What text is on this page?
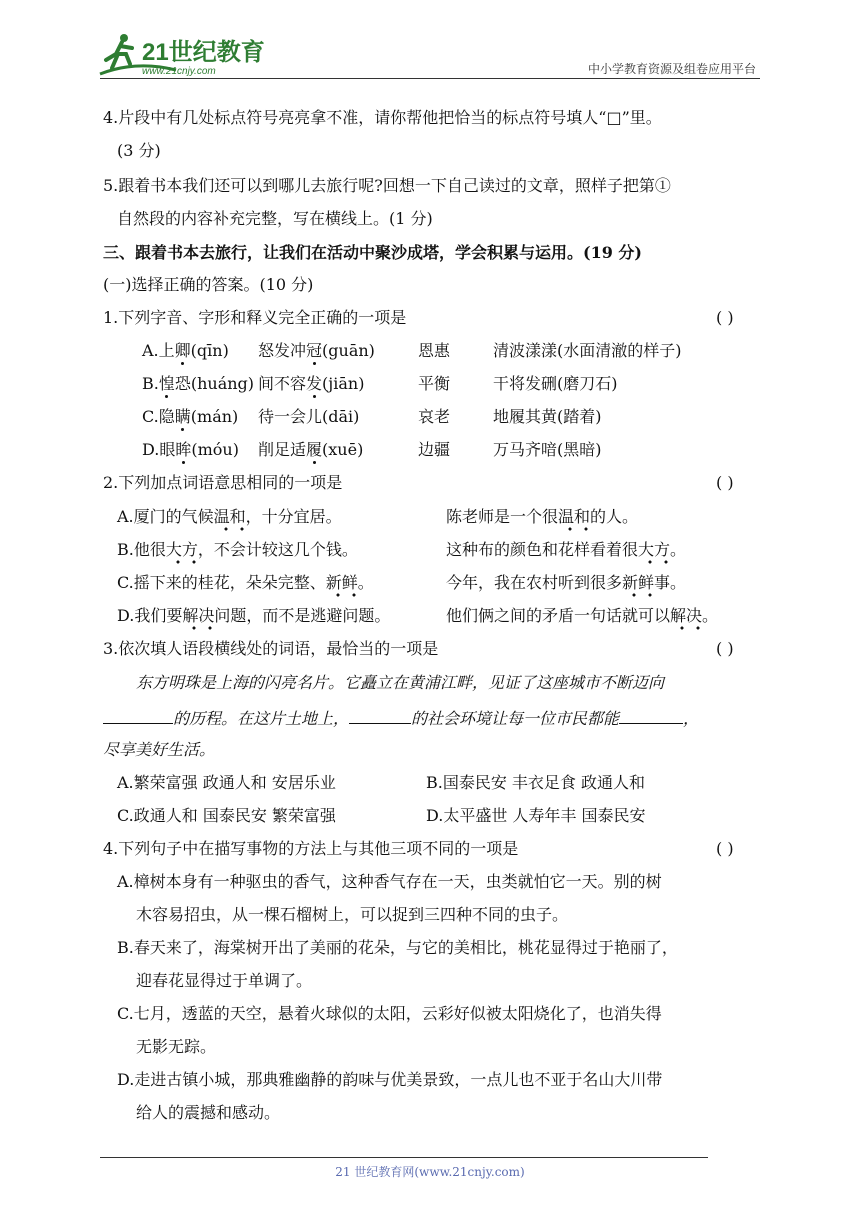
21世纪教育
www.21cnjy.com	中小学教育资源及组卷应用平台
4.片段中有几处标点符号亮亮拿不准，请你帮他把恰当的标点符号填人“□”里。
(3 分)
5.跟着书本我们还可以到哪儿去旅行呢?回想一下自己读过的文章，照样子把第①
自然段的内容补充完整，写在横线上。(1 分)
三、跟着书本去旅行，让我们在活动中聚沙成塔，学会积累与运用。(19 分)
(一)选择正确的答案。(10 分)
1.下列字音、字形和释义完全正确的一项是	( )
A.上卿(qīn) 怒发冲冠(guān)	恩惠	清波漾漾(水面清澈的样子)
B.惶恐(huáng) 间不容发(jiān)	平衡	干将发硎(磨刀石)
C.隐瞒(mán) 待一会儿(dāi)	哀老	地履其黄(踏着)
D.眼眸(móu) 削足适履(xuē)	边疆	万马齐喑(黑暗)
2.下列加点词语意思相同的一项是	( )
A.厦门的气候温和，十分宜居。	陈老师是一个很温和的人。
B.他很大方，不会计较这几个钱。	这种布的颜色和花样看着很大方。
C.摇下来的桂花，朵朵完整、新鲜。	今年，我在农村听到很多新鲜事。
D.我们要解决问题，而不是逃避问题。	他们俩之间的矛盾一句话就可以解决。
3.依次填人语段横线处的词语，最恰当的一项是	( )
东方明珠是上海的闪亮名片。它矗立在黄浦江畔，见证了这座城市不断迈向
的历程。在这片土地上，	的社会环境让每一位市民都能	，
尽享美好生活。
A.繁荣富强 政通人和 安居乐业	B.国泰民安 丰衣足食 政通人和
C.政通人和 国泰民安 繁荣富强	D.太平盛世 人寿年丰 国泰民安
4.下列句子中在描写事物的方法上与其他三项不同的一项是	( )
A.樟树本身有一种驱虫的香气，这种香气存在一天，虫类就怕它一天。别的树
木容易招虫，从一棵石榴树上，可以捉到三四种不同的虫子。
B.春天来了，海棠树开出了美丽的花朵，与它的美相比，桃花显得过于艳丽了，
迎春花显得过于单调了。
C.七月，透蓝的天空，悬着火球似的太阳，云彩好似被太阳烧化了，也消失得
无影无踪。
D.走进古镇小城，那典雅幽静的韵味与优美景致，一点儿也不亚于名山大川带
给人的震撼和感动。
21 世纪教育网(www.21cnjy.com)
